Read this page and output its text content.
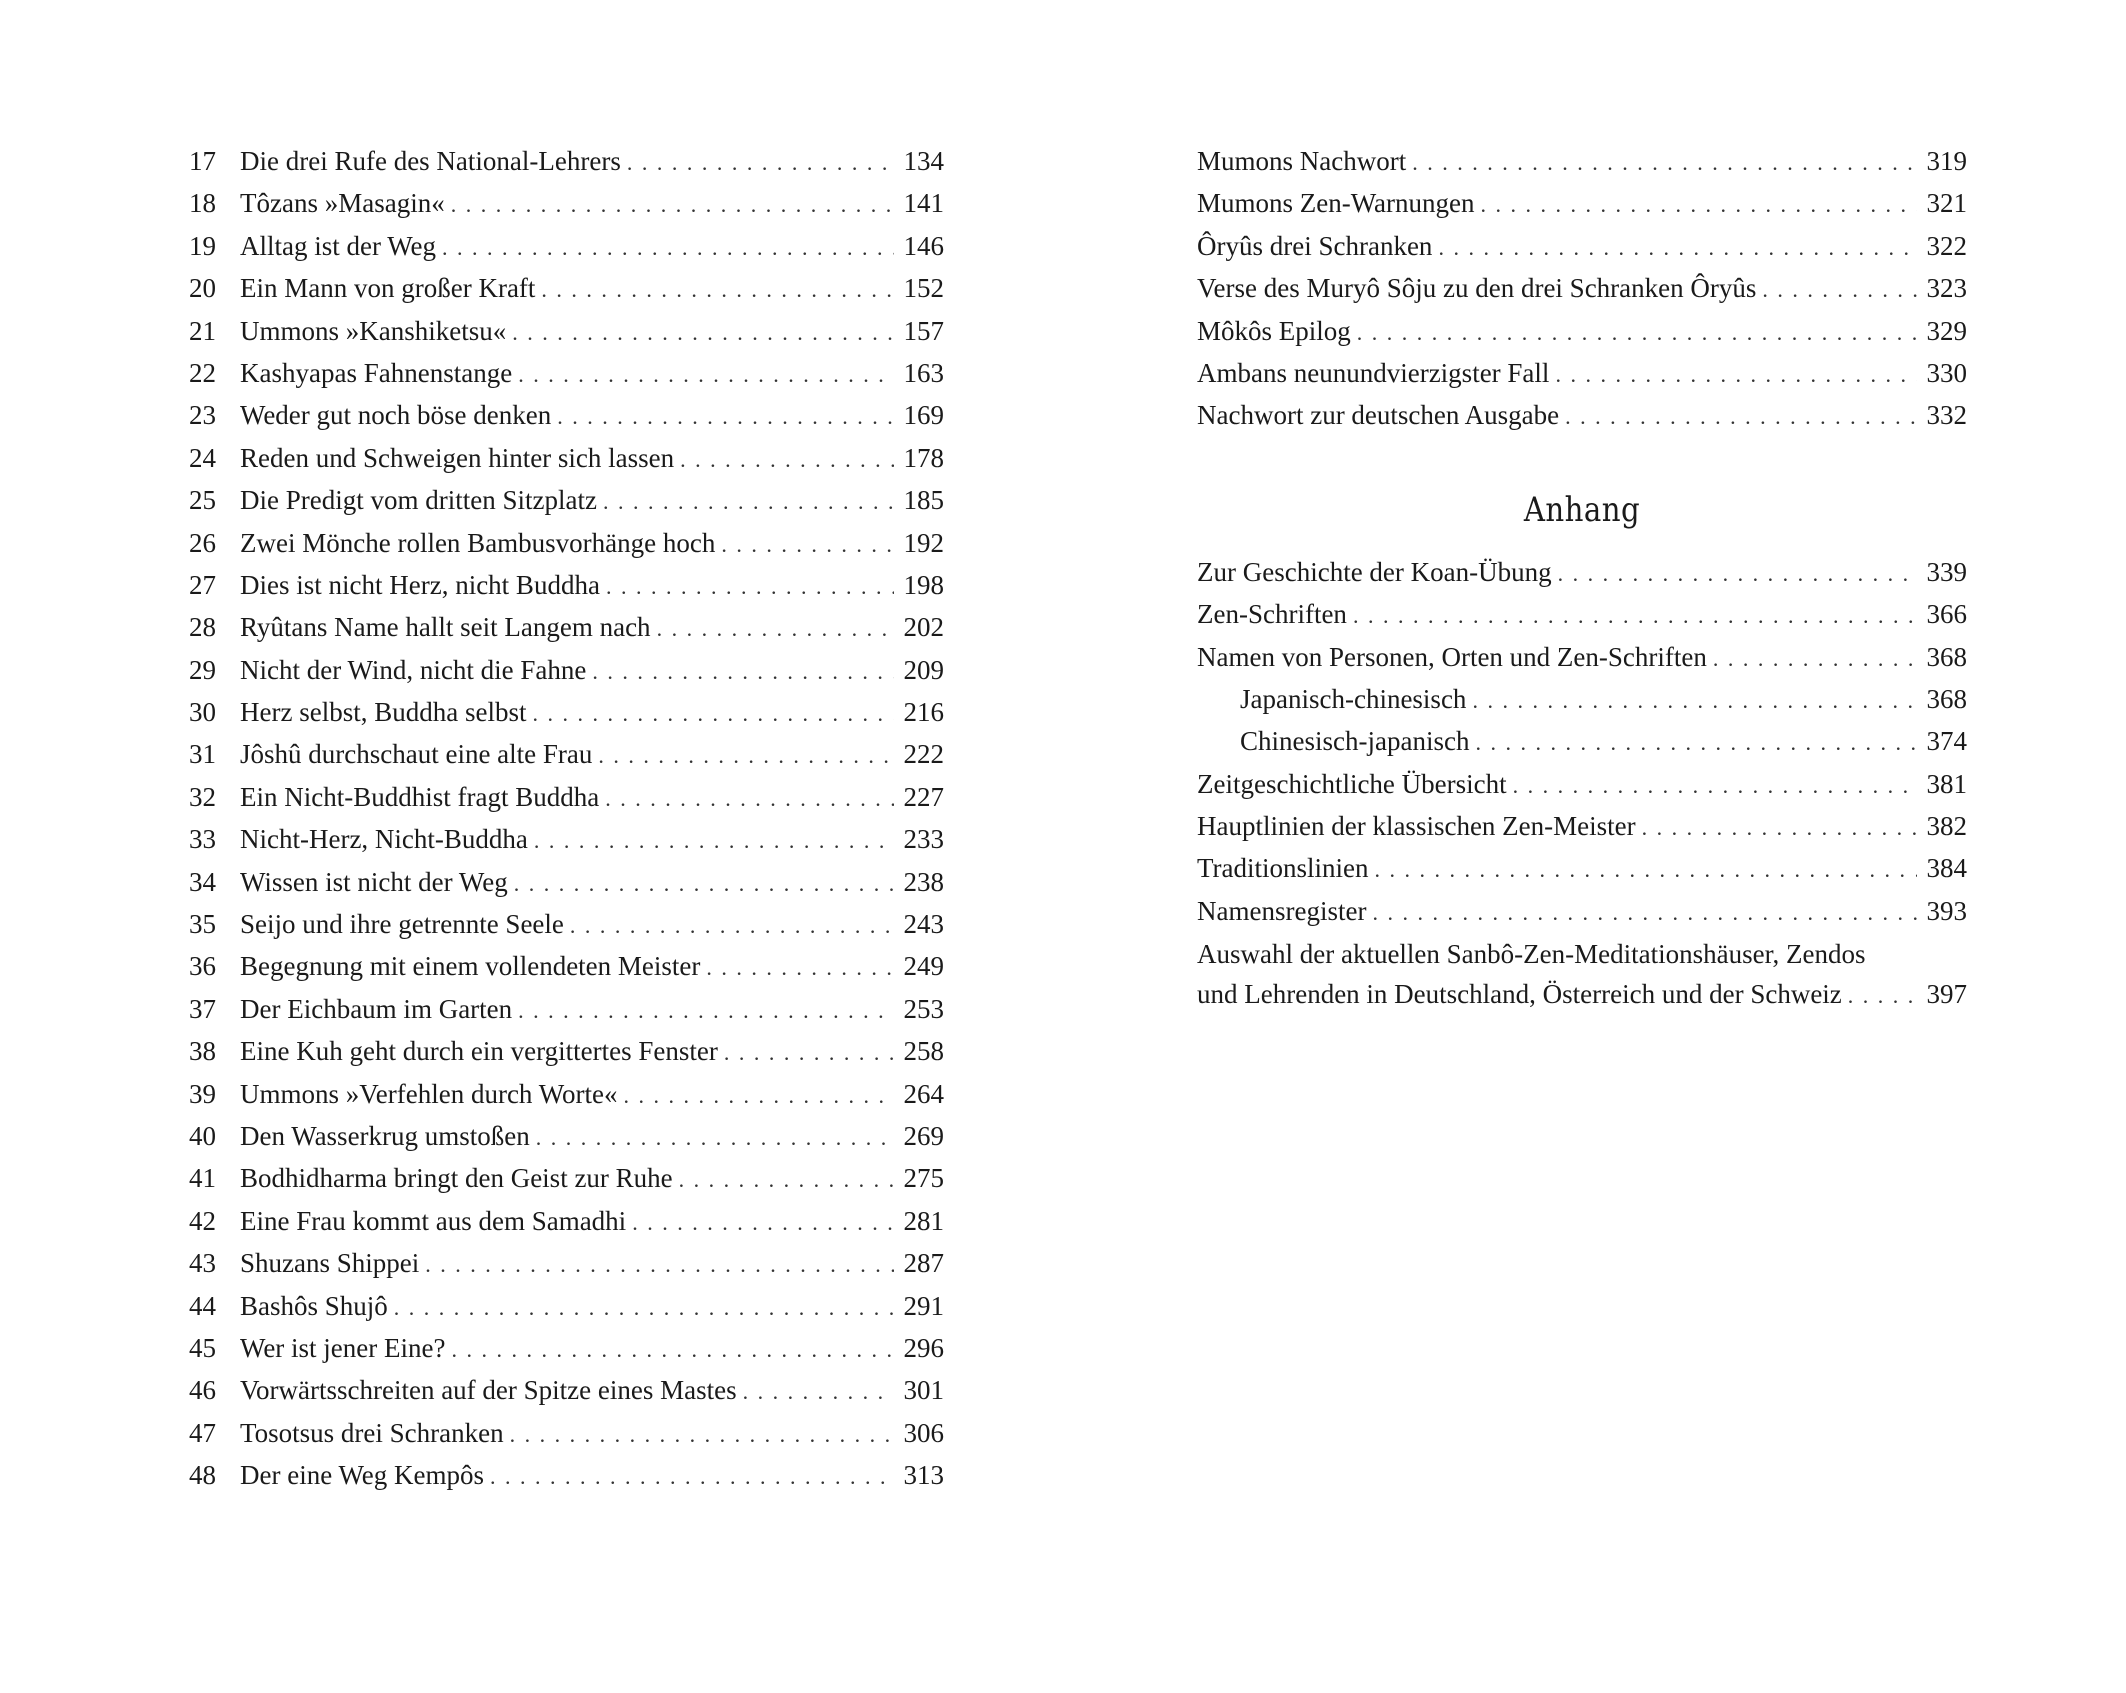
17 Die drei Rufe des National-Lehrers . . .	134
18 Tôzans »Masagin« . . .	141
19 Alltag ist der Weg . . .	146
20 Ein Mann von großer Kraft . . .	152
21 Ummons »Kanshiketsu« . . .	157
22 Kashyapas Fahnenstange . . .	163
23 Weder gut noch böse denken . . .	169
24 Reden und Schweigen hinter sich lassen . . .	178
25 Die Predigt vom dritten Sitzplatz . . .	185
26 Zwei Mönche rollen Bambusvorhänge hoch . . .	192
27 Dies ist nicht Herz, nicht Buddha . . .	198
28 Ryûtans Name hallt seit Langem nach . . .	202
29 Nicht der Wind, nicht die Fahne . . .	209
30 Herz selbst, Buddha selbst . . .	216
31 Jôshû durchschaut eine alte Frau . . .	222
32 Ein Nicht-Buddhist fragt Buddha . . .	227
33 Nicht-Herz, Nicht-Buddha . . .	233
34 Wissen ist nicht der Weg . . .	238
35 Seijo und ihre getrennte Seele . . .	243
36 Begegnung mit einem vollendeten Meister . . .	249
37 Der Eichbaum im Garten . . .	253
38 Eine Kuh geht durch ein vergittertes Fenster . . .	258
39 Ummons »Verfehlen durch Worte« . . .	264
40 Den Wasserkrug umstoßen . . .	269
41 Bodhidharma bringt den Geist zur Ruhe . . .	275
42 Eine Frau kommt aus dem Samadhi . . .	281
43 Shuzans Shippei . . .	287
44 Bashôs Shujô . . .	291
45 Wer ist jener Eine? . . .	296
46 Vorwärtsschreiten auf der Spitze eines Mastes . . .	301
47 Tosotsus drei Schranken . . .	306
48 Der eine Weg Kempôs . . .	313
Mumons Nachwort . . .	319
Mumons Zen-Warnungen . . .	321
Ôryûs drei Schranken . . .	322
Verse des Muryô Sôju zu den drei Schranken Ôryûs . . .	323
Môkôs Epilog . . .	329
Ambans neunundvierzigster Fall . . .	330
Nachwort zur deutschen Ausgabe . . .	332
Anhang
Zur Geschichte der Koan-Übung . . .	339
Zen-Schriften . . .	366
Namen von Personen, Orten und Zen-Schriften . . .	368
Japanisch-chinesisch . . .	368
Chinesisch-japanisch . . .	374
Zeitgeschichtliche Übersicht . . .	381
Hauptlinien der klassischen Zen-Meister . . .	382
Traditionslinien . . .	384
Namensregister . . .	393
Auswahl der aktuellen Sanbô-Zen-Meditationshäuser, Zendos
und Lehrenden in Deutschland, Österreich und der Schweiz . . .	397
